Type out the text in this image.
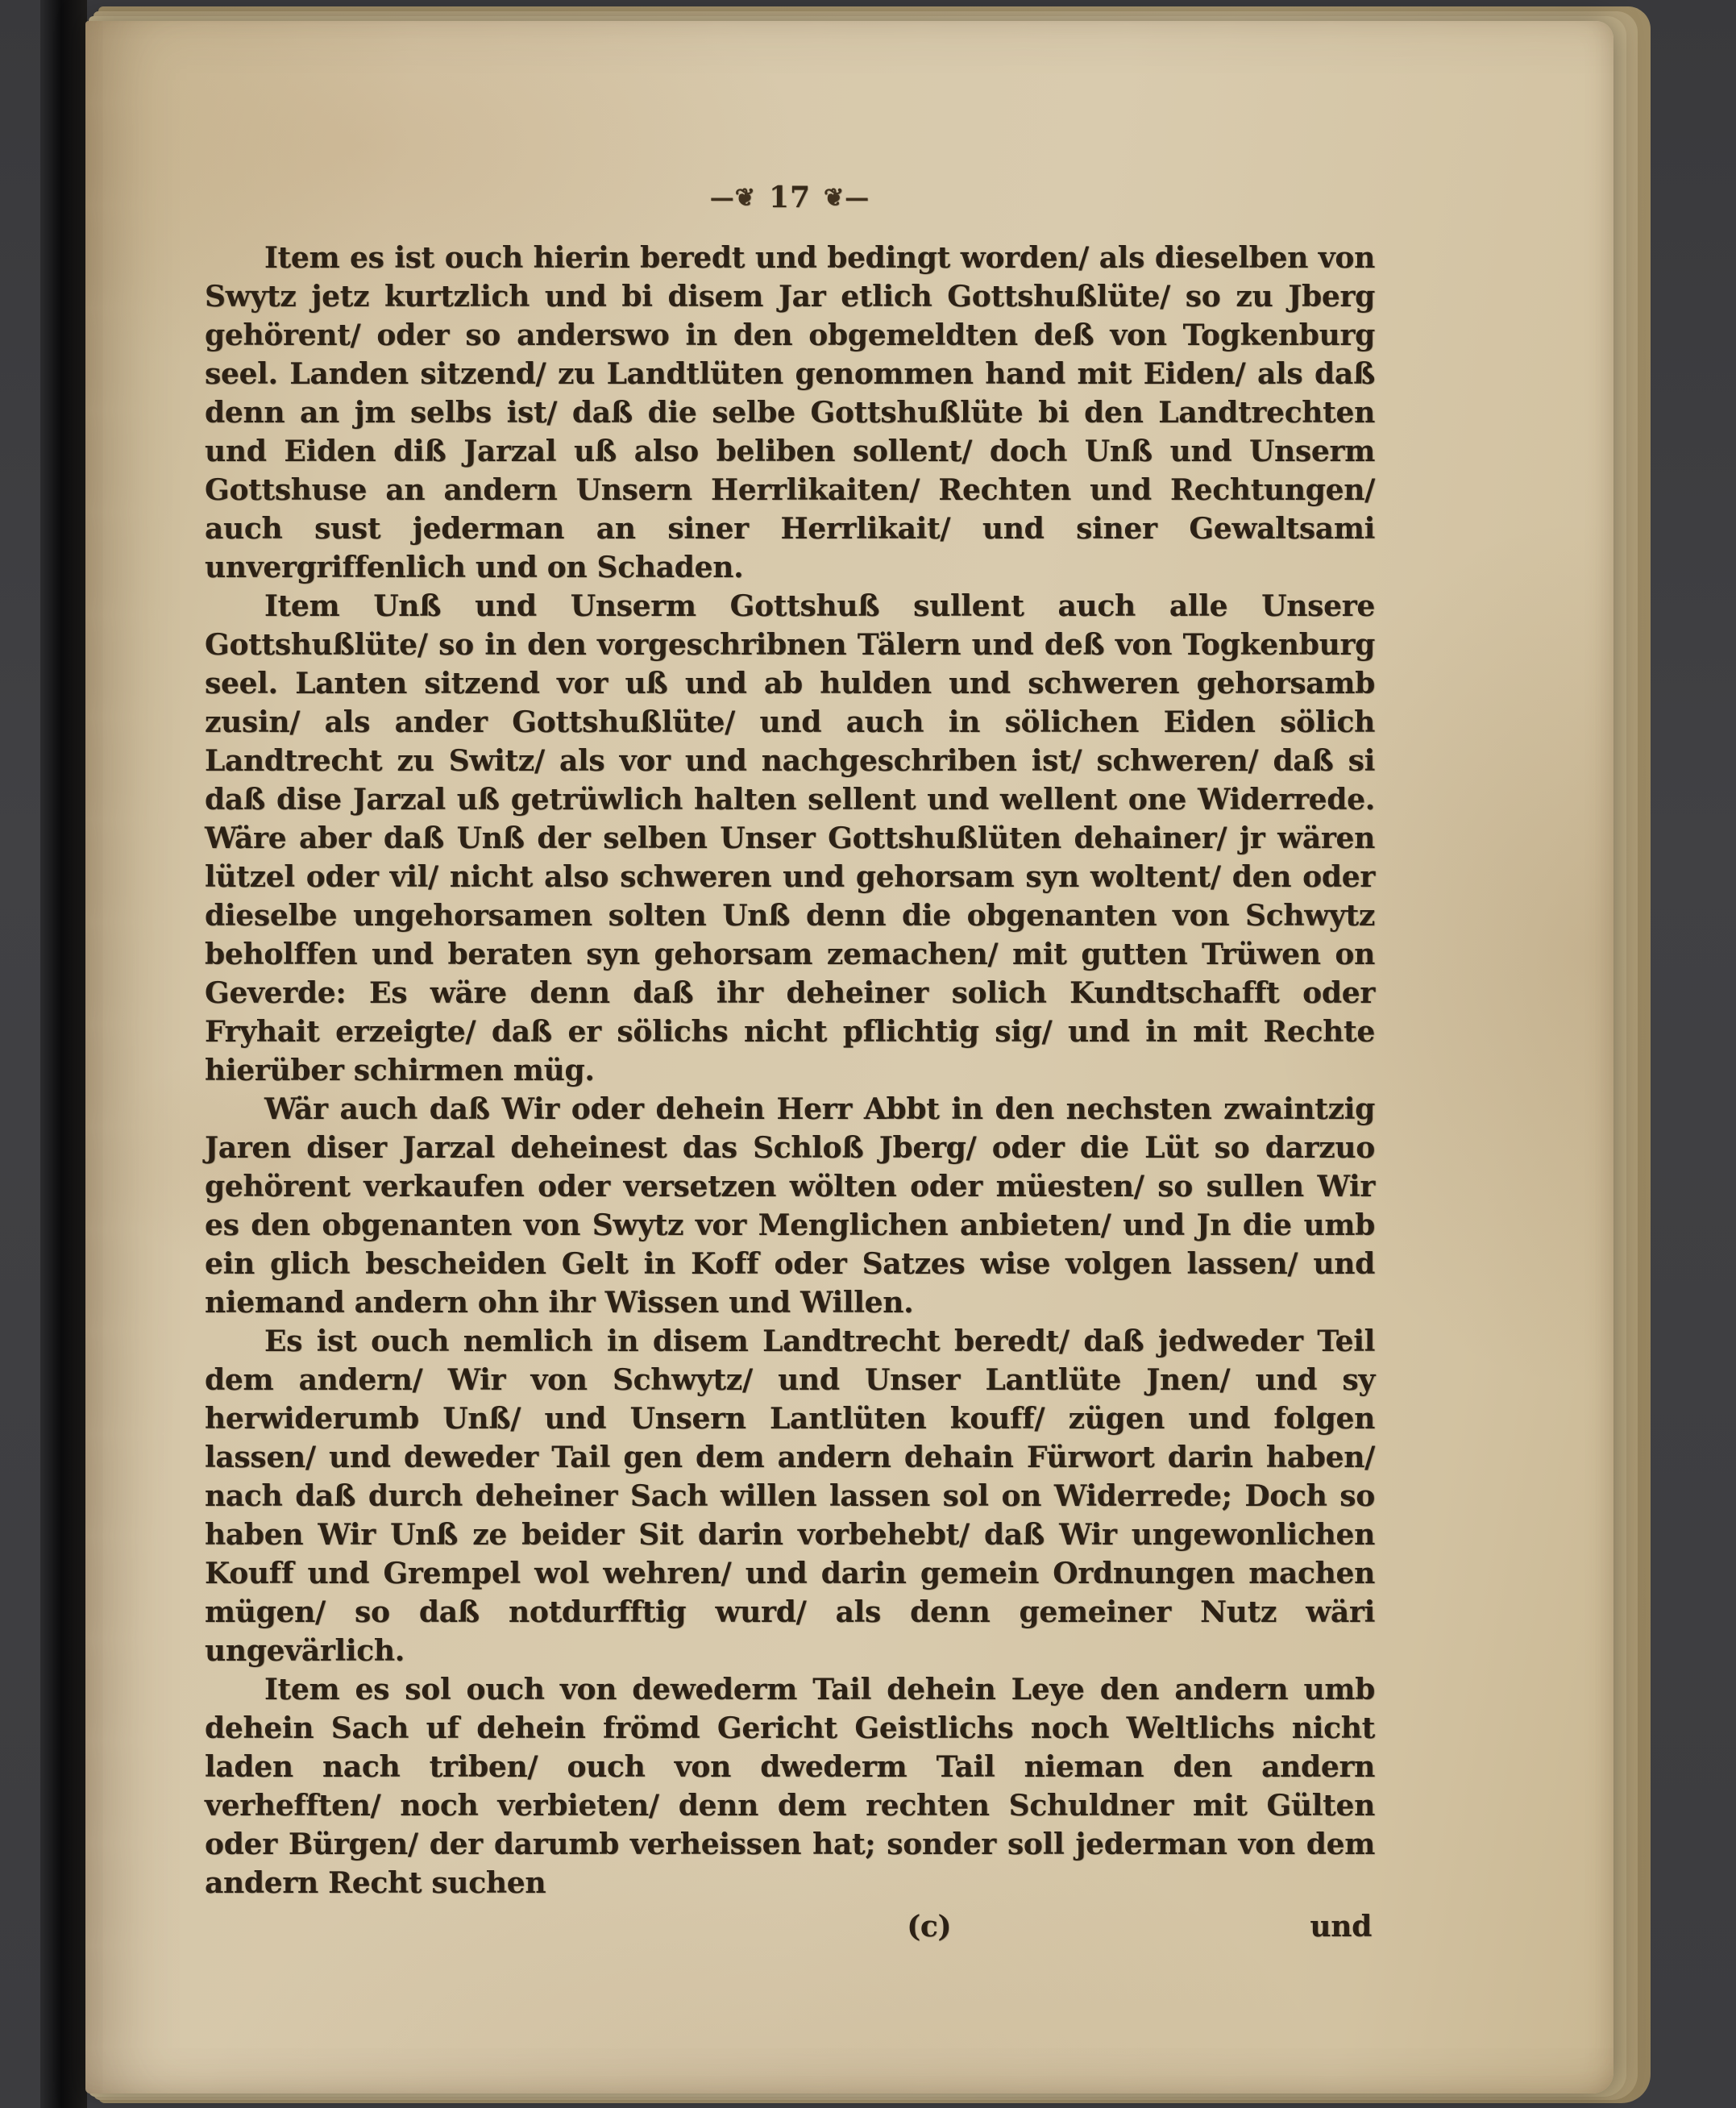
—❦ 17 ❦—

Item es ist ouch hierin beredt und bedingt worden/ als dieselben von Swytz jetz kurtzlich und bi disem Jar etlich Gottshußlüte/ so zu Jberg gehörent/ oder so anderswo in den obgemeldten deß von Togkenburg seel. Landen sitzend/ zu Landtlüten genommen hand mit Eiden/ als daß denn an jm selbs ist/ daß die selbe Gottshußlüte bi den Landtrechten und Eiden diß Jarzal uß also beliben sollent/ doch Unß und Unserm Gottshuse an andern Unsern Herrlikaiten/ Rechten und Rechtungen/ auch sust jederman an siner Herrlikait/ und siner Gewaltsami unvergriffenlich und on Schaden.

Item Unß und Unserm Gottshuß sullent auch alle Unsere Gottshußlüte/ so in den vorgeschribnen Tälern und deß von Togkenburg seel. Lanten sitzend vor uß und ab hulden und schweren gehorsamb zusin/ als ander Gottshußlüte/ und auch in sölichen Eiden sölich Landtrecht zu Switz/ als vor und nachgeschriben ist/ schweren/ daß si daß dise Jarzal uß getrüwlich halten sellent und wellent one Widerrede. Wäre aber daß Unß der selben Unser Gottshußlüten dehainer/ jr wären lützel oder vil/ nicht also schweren und gehorsam syn woltent/ den oder dieselbe ungehorsamen solten Unß denn die obgenanten von Schwytz beholffen und beraten syn gehorsam zemachen/ mit gutten Trüwen on Geverde: Es wäre denn daß ihr deheiner solich Kundtschafft oder Fryhait erzeigte/ daß er sölichs nicht pflichtig sig/ und in mit Rechte hierüber schirmen müg.

Wär auch daß Wir oder dehein Herr Abbt in den nechsten zwaintzig Jaren diser Jarzal deheinest das Schloß Jberg/ oder die Lüt so darzuo gehörent verkaufen oder versetzen wölten oder müesten/ so sullen Wir es den obgenanten von Swytz vor Menglichen anbieten/ und Jn die umb ein glich bescheiden Gelt in Koff oder Satzes wise volgen lassen/ und niemand andern ohn ihr Wissen und Willen.

Es ist ouch nemlich in disem Landtrecht beredt/ daß jedweder Teil dem andern/ Wir von Schwytz/ und Unser Lantlüte Jnen/ und sy herwiderumb Unß/ und Unsern Lantlüten kouff/ zügen und folgen lassen/ und deweder Tail gen dem andern dehain Fürwort darin haben/ nach daß durch deheiner Sach willen lassen sol on Widerrede; Doch so haben Wir Unß ze beider Sit darin vorbehebt/ daß Wir ungewonlichen Kouff und Grempel wol wehren/ und darin gemein Ordnungen machen mügen/ so daß notdurfftig wurd/ als denn gemeiner Nutz wäri ungevärlich.

Item es sol ouch von dewederm Tail dehein Leye den andern umb dehein Sach uf dehein frömd Gericht Geistlichs noch Weltlichs nicht laden nach triben/ ouch von dwederm Tail nieman den andern verhefften/ noch verbieten/ denn dem rechten Schuldner mit Gülten oder Bürgen/ der darumb verheissen hat; sonder soll jederman von dem andern Recht suchen

(c)	und
